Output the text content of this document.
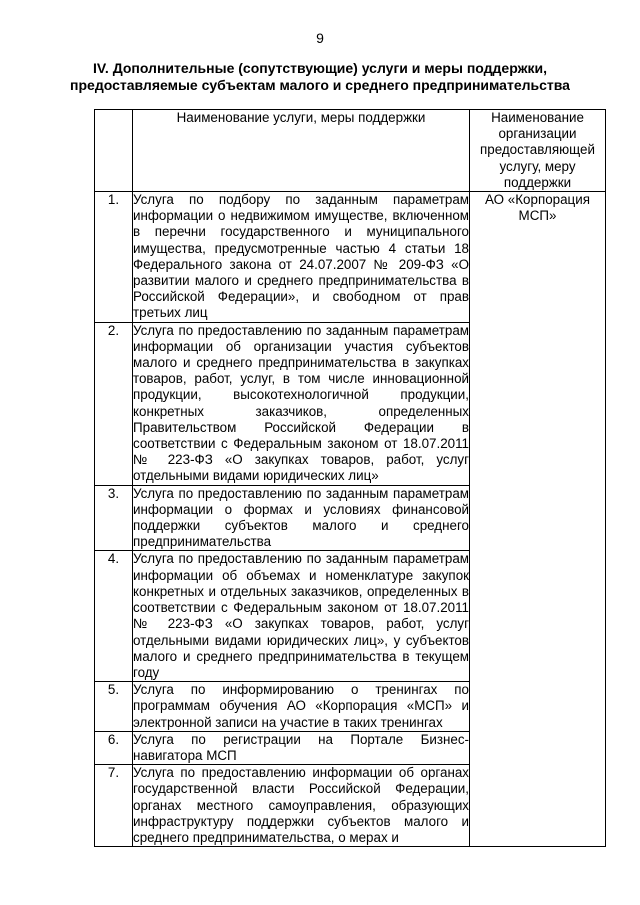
9
IV. Дополнительные (сопутствующие) услуги и меры поддержки,
предоставляемые субъектам малого и среднего предпринимательства
	Наименование услуги, меры поддержки	Наименование организации предоставляющей услугу, меру поддержки
1.	Услуга по подбору по заданным параметрам информации о недвижимом имуществе, включенном в перечни государственного и муниципального имущества, предусмотренные частью 4 статьи 18 Федерального закона от 24.07.2007 № 209-ФЗ «О развитии малого и среднего предпринимательства в Российской Федерации», и свободном от прав третьих лиц	АО «Корпорация МСП»
2.	Услуга по предоставлению по заданным параметрам информации об организации участия субъектов малого и среднего предпринимательства в закупках товаров, работ, услуг, в том числе инновационной продукции, высокотехнологичной продукции, конкретных заказчиков, определенных Правительством Российской Федерации в соответствии с Федеральным законом от 18.07.2011 № 223-ФЗ «О закупках товаров, работ, услуг отдельными видами юридических лиц»	
3.	Услуга по предоставлению по заданным параметрам информации о формах и условиях финансовой поддержки субъектов малого и среднего предпринимательства	
4.	Услуга по предоставлению по заданным параметрам информации об объемах и номенклатуре закупок конкретных и отдельных заказчиков, определенных в соответствии с Федеральным законом от 18.07.2011 № 223-ФЗ «О закупках товаров, работ, услуг отдельными видами юридических лиц», у субъектов малого и среднего предпринимательства в текущем году	
5.	Услуга по информированию о тренингах по программам обучения АО «Корпорация «МСП» и электронной записи на участие в таких тренингах	
6.	Услуга по регистрации на Портале Бизнес-навигатора МСП	
7.	Услуга по предоставлению информации об органах государственной власти Российской Федерации, органах местного самоуправления, образующих инфраструктуру поддержки субъектов малого и среднего предпринимательства, о мерах и	
